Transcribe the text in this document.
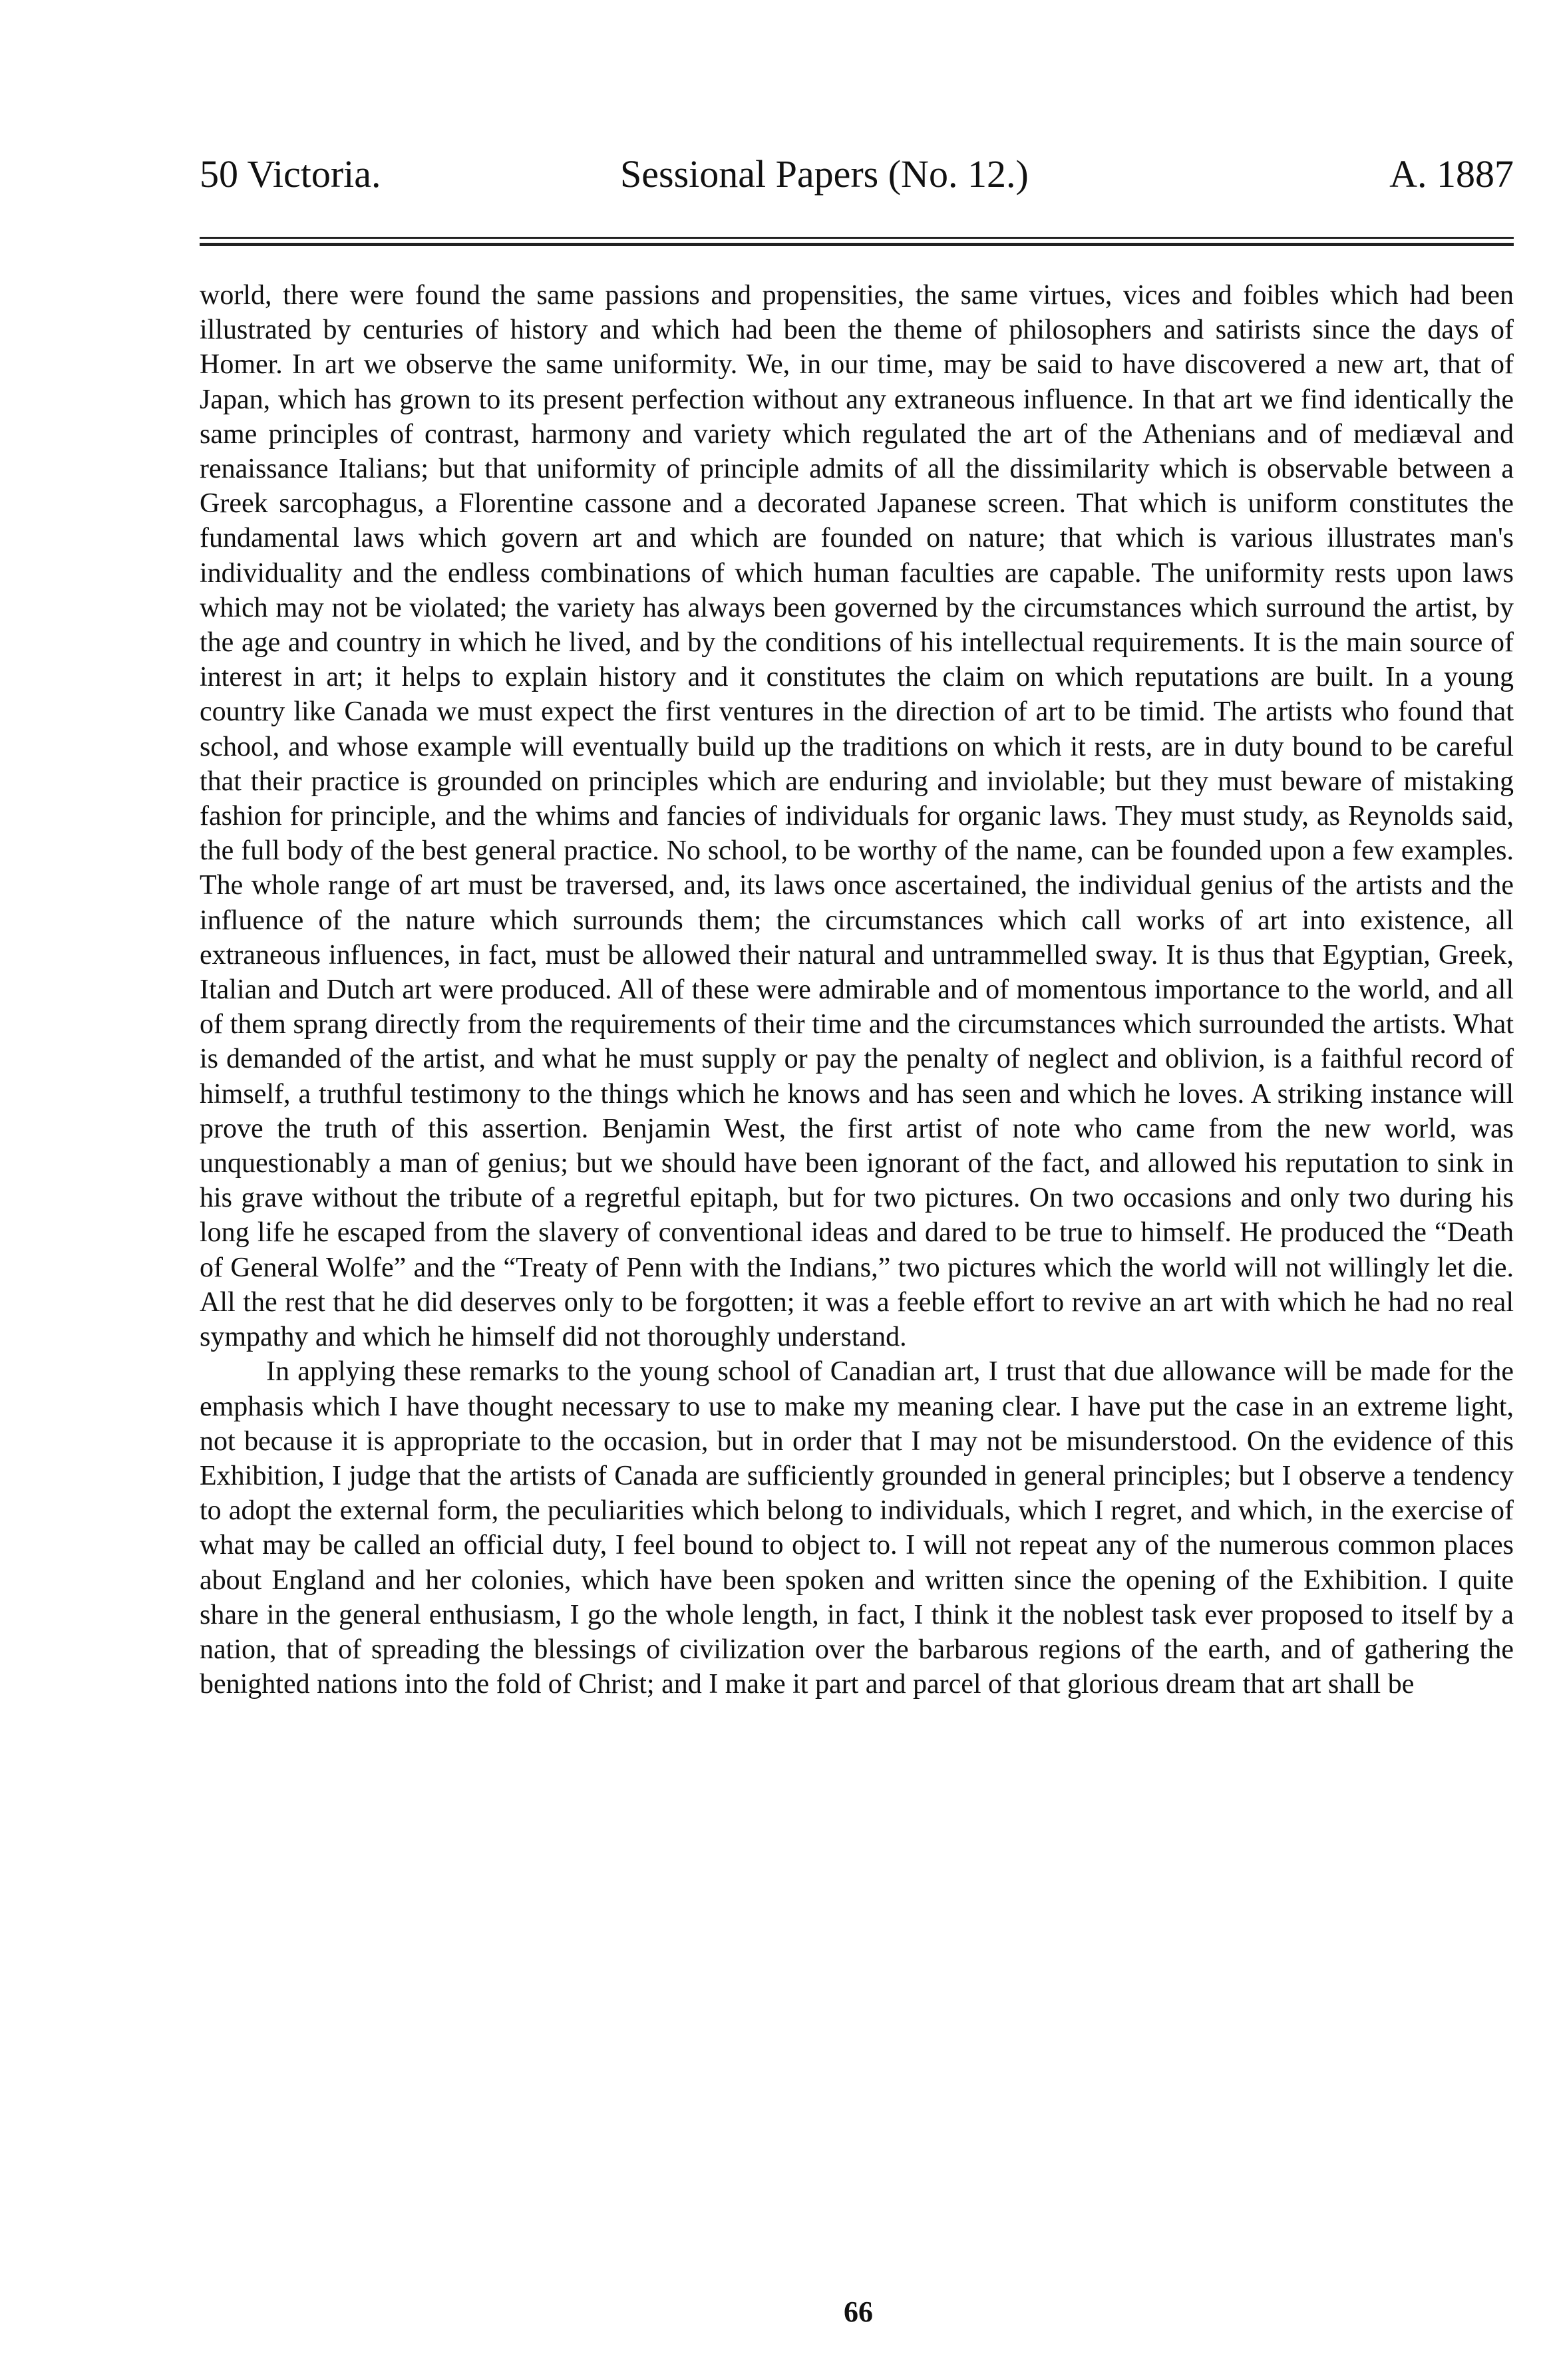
50 Victoria.	Sessional Papers (No. 12.)	A. 1887

world, there were found the same passions and propensities, the same virtues, vices and foibles which had been illustrated by centuries of history and which had been the theme of philosophers and satirists since the days of Homer. In art we observe the same uniformity. We, in our time, may be said to have discovered a new art, that of Japan, which has grown to its present perfection without any extraneous influence. In that art we find identically the same principles of contrast, harmony and variety which regulated the art of the Athenians and of mediæval and renaissance Italians; but that uniformity of principle admits of all the dissimilarity which is observable between a Greek sarcophagus, a Florentine cassone and a decorated Japanese screen. That which is uniform constitutes the fundamental laws which govern art and which are founded on nature; that which is various illustrates man's individuality and the endless combinations of which human faculties are capable. The uniformity rests upon laws which may not be violated; the variety has always been governed by the circumstances which surround the artist, by the age and country in which he lived, and by the conditions of his intellectual requirements. It is the main source of interest in art; it helps to explain history and it constitutes the claim on which reputations are built. In a young country like Canada we must expect the first ventures in the direction of art to be timid. The artists who found that school, and whose example will eventually build up the traditions on which it rests, are in duty bound to be careful that their practice is grounded on principles which are enduring and inviolable; but they must beware of mistaking fashion for principle, and the whims and fancies of individuals for organic laws. They must study, as Reynolds said, the full body of the best general practice. No school, to be worthy of the name, can be founded upon a few examples. The whole range of art must be traversed, and, its laws once ascertained, the individual genius of the artists and the influence of the nature which surrounds them; the circumstances which call works of art into existence, all extraneous influences, in fact, must be allowed their natural and untrammelled sway. It is thus that Egyptian, Greek, Italian and Dutch art were produced. All of these were admirable and of momentous importance to the world, and all of them sprang directly from the requirements of their time and the circumstances which surrounded the artists. What is demanded of the artist, and what he must supply or pay the penalty of neglect and oblivion, is a faithful record of himself, a truthful testimony to the things which he knows and has seen and which he loves. A striking instance will prove the truth of this assertion. Benjamin West, the first artist of note who came from the new world, was unquestionably a man of genius; but we should have been ignorant of the fact, and allowed his reputation to sink in his grave without the tribute of a regretful epitaph, but for two pictures. On two occasions and only two during his long life he escaped from the slavery of conventional ideas and dared to be true to himself. He produced the “Death of General Wolfe” and the “Treaty of Penn with the Indians,” two pictures which the world will not willingly let die. All the rest that he did deserves only to be forgotten; it was a feeble effort to revive an art with which he had no real sympathy and which he himself did not thoroughly understand.

In applying these remarks to the young school of Canadian art, I trust that due allowance will be made for the emphasis which I have thought necessary to use to make my meaning clear. I have put the case in an extreme light, not because it is appropriate to the occasion, but in order that I may not be misunderstood. On the evidence of this Exhibition, I judge that the artists of Canada are sufficiently grounded in general principles; but I observe a tendency to adopt the external form, the peculiarities which belong to individuals, which I regret, and which, in the exercise of what may be called an official duty, I feel bound to object to. I will not repeat any of the numerous common places about England and her colonies, which have been spoken and written since the opening of the Exhibition. I quite share in the general enthusiasm, I go the whole length, in fact, I think it the noblest task ever proposed to itself by a nation, that of spreading the blessings of civilization over the barbarous regions of the earth, and of gathering the benighted nations into the fold of Christ; and I make it part and parcel of that glorious dream that art shall be

66
